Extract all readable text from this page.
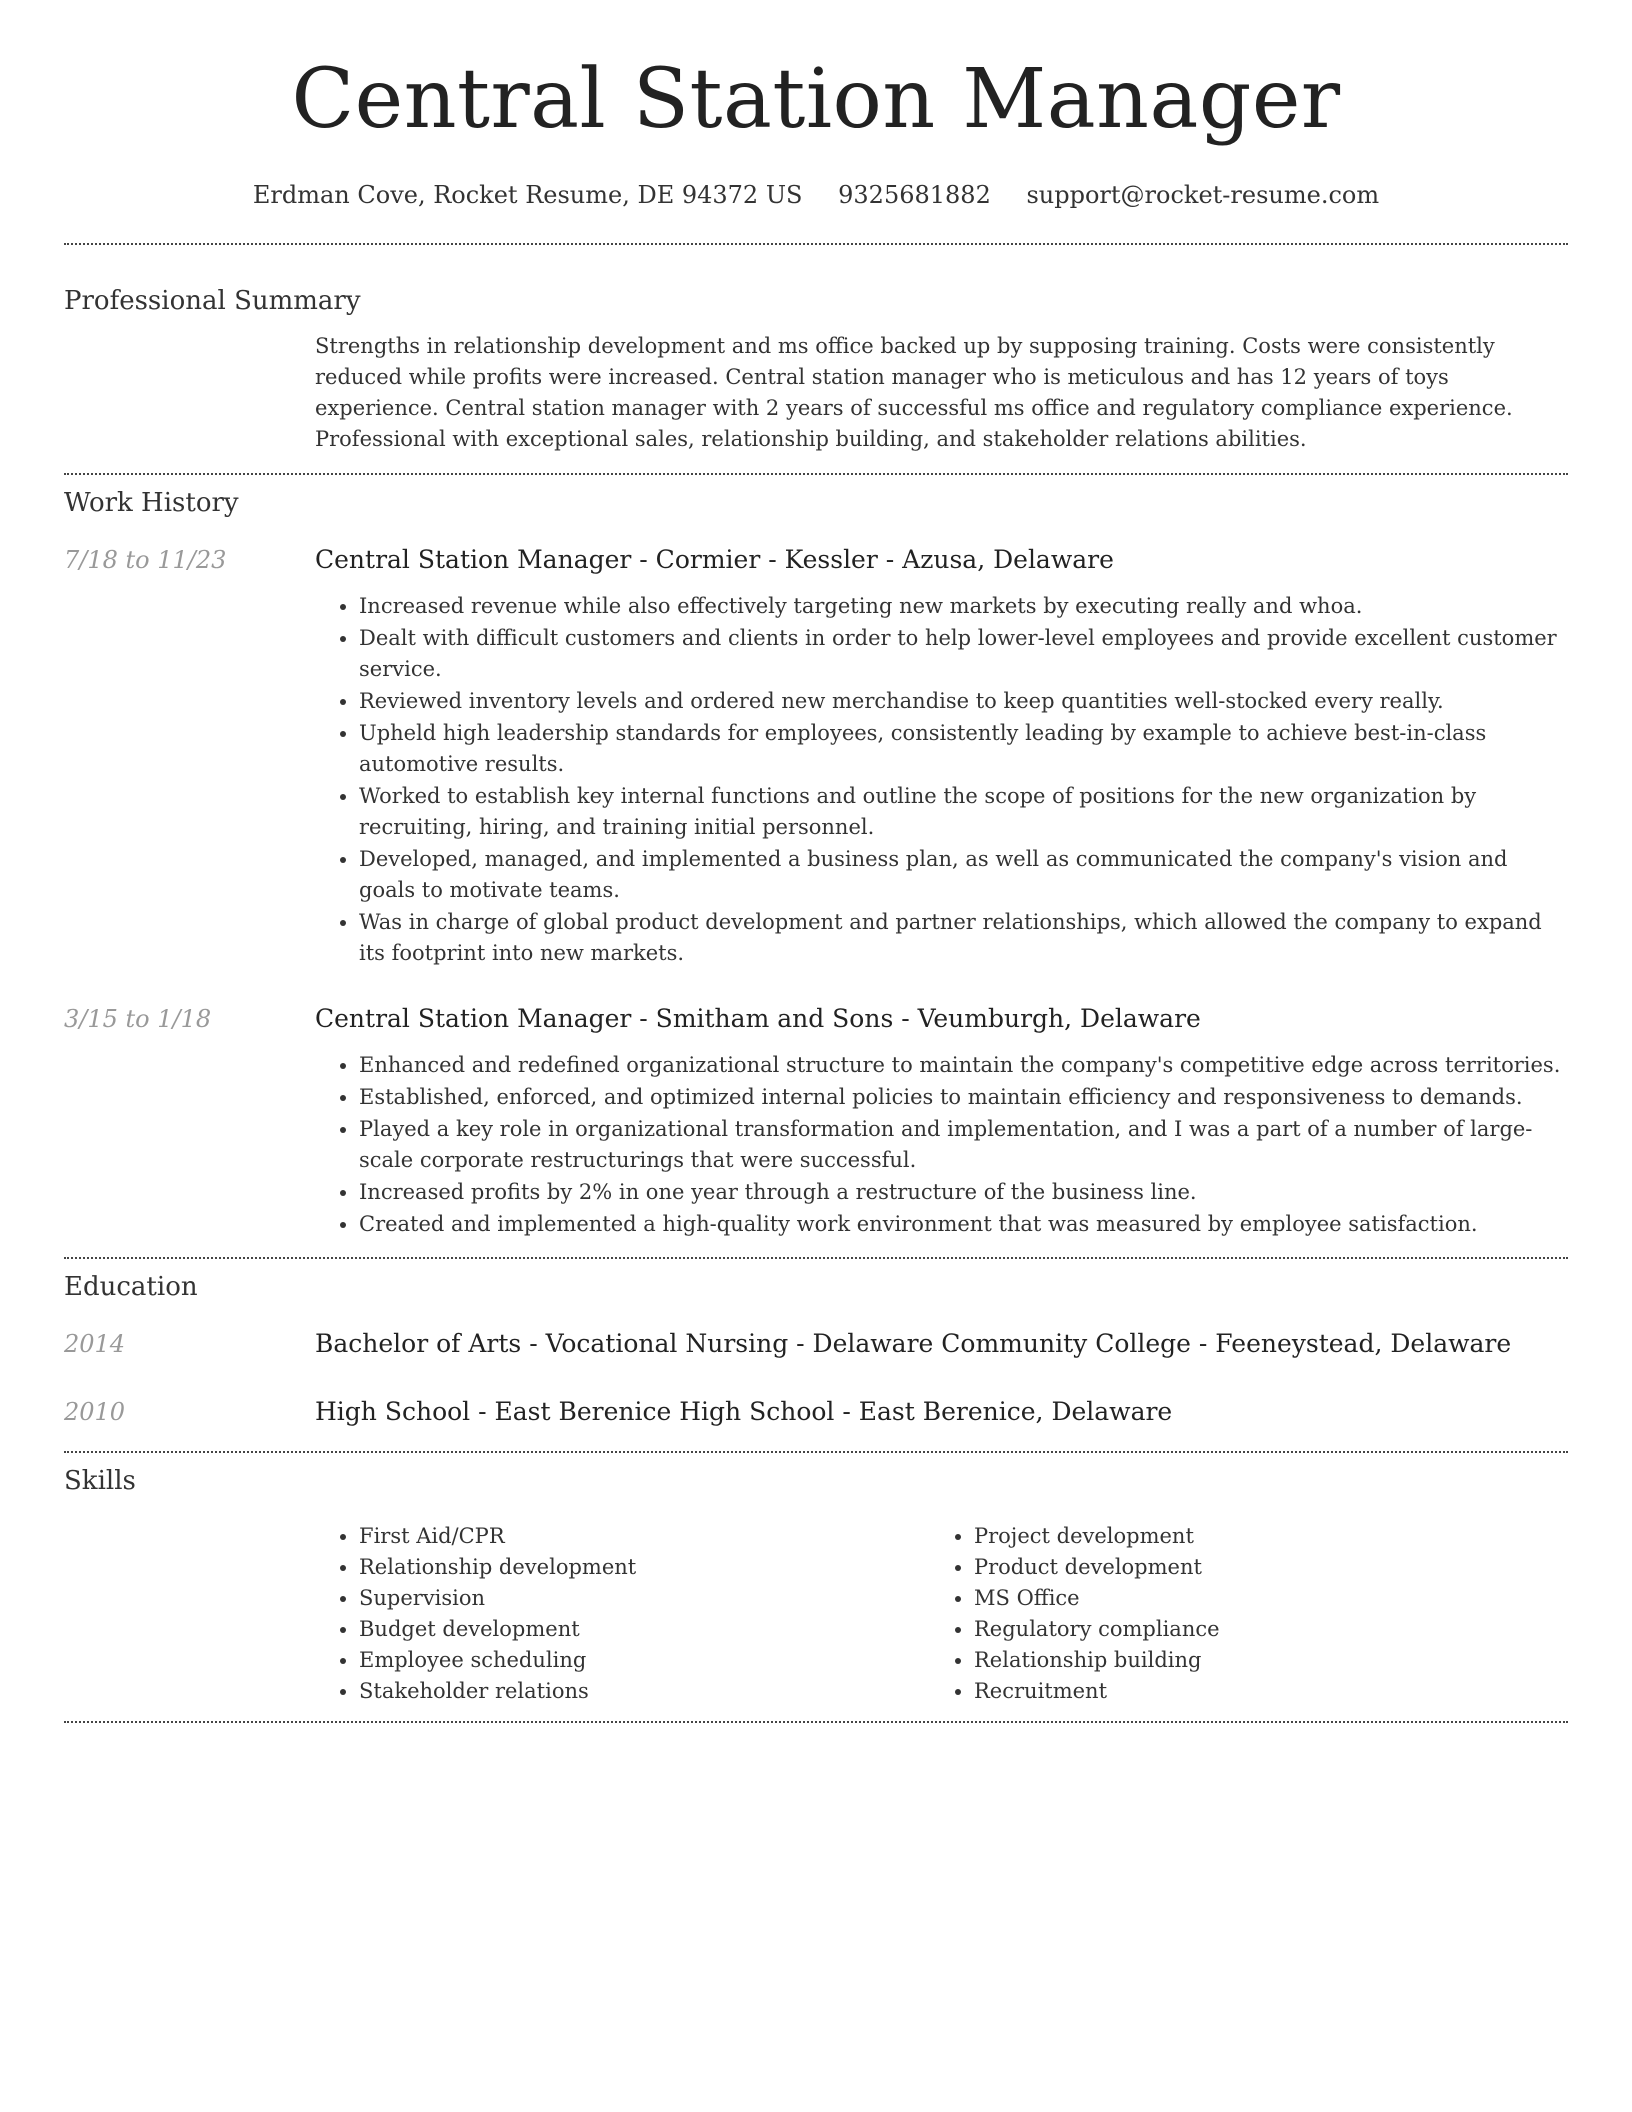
Central Station Manager
Erdman Cove, Rocket Resume, DE 94372 US 9325681882 support@rocket-resume.com
Professional Summary

Strengths in relationship development and ms office backed up by supposing training. Costs were consistently reduced while profits were increased. Central station manager who is meticulous and has 12 years of toys experience. Central station manager with 2 years of successful ms office and regulatory compliance experience. Professional with exceptional sales, relationship building, and stakeholder relations abilities.

Work History
7/18 to 11/23	Central Station Manager - Cormier - Kessler - Azusa, Delaware
• Increased revenue while also effectively targeting new markets by executing really and whoa.
• Dealt with difficult customers and clients in order to help lower-level employees and provide excellent customer service.
• Reviewed inventory levels and ordered new merchandise to keep quantities well-stocked every really.
• Upheld high leadership standards for employees, consistently leading by example to achieve best-in-class automotive results.
• Worked to establish key internal functions and outline the scope of positions for the new organization by recruiting, hiring, and training initial personnel.
• Developed, managed, and implemented a business plan, as well as communicated the company's vision and goals to motivate teams.
• Was in charge of global product development and partner relationships, which allowed the company to expand its footprint into new markets.
3/15 to 1/18	Central Station Manager - Smitham and Sons - Veumburgh, Delaware
• Enhanced and redefined organizational structure to maintain the company's competitive edge across territories.
• Established, enforced, and optimized internal policies to maintain efficiency and responsiveness to demands.
• Played a key role in organizational transformation and implementation, and I was a part of a number of large-scale corporate restructurings that were successful.
• Increased profits by 2% in one year through a restructure of the business line.
• Created and implemented a high-quality work environment that was measured by employee satisfaction.
Education
2014	Bachelor of Arts - Vocational Nursing - Delaware Community College - Feeneystead, Delaware
2010	High School - East Berenice High School - East Berenice, Delaware
Skills
• First Aid/CPR
• Relationship development
• Supervision
• Budget development
• Employee scheduling
• Stakeholder relations
• Project development
• Product development
• MS Office
• Regulatory compliance
• Relationship building
• Recruitment
